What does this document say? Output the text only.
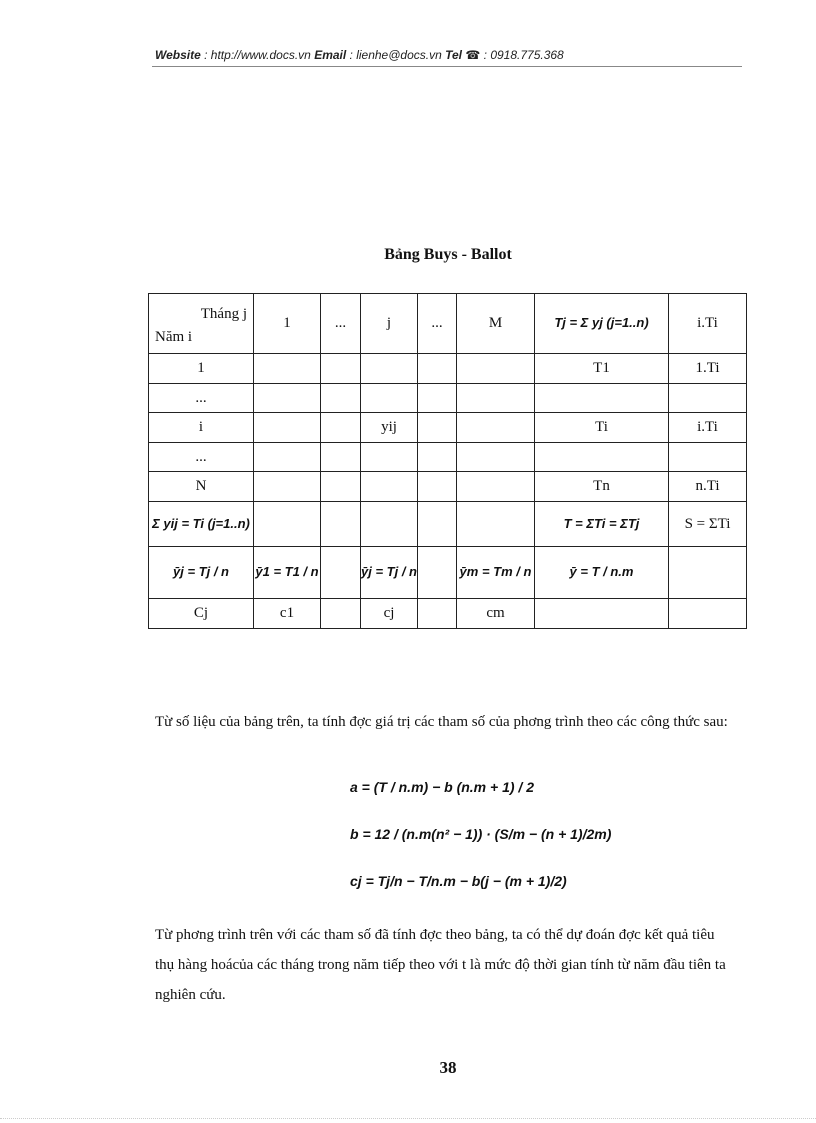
Website : http://www.docs.vn Email : lienhe@docs.vn Tel ☎ : 0918.775.368
Bảng Buys - Ballot
Tháng j
Năm i	1	...	j	...	M	Tj = Σ yj (j=1..n)	i.Ti
1						T1	1.Ti
...							
i			yij			Ti	i.Ti
...							
N						Tn	n.Ti
Σ yij = Ti (j=1..n)						T = ΣTi = ΣTj	S = ΣTi
ȳj = Tj / n	ȳ1 = T1 / n		ȳj = Tj / n		ȳm = Tm / n	ȳ = T / n.m	
Cj	c1		cj		cm		
Từ số liệu của bảng trên, ta tính đợc giá trị các tham số của phơng trình theo các công thức sau:
a = (T / n.m) − b (n.m + 1) / 2
b = 12 / (n.m(n² − 1)) · (S/m − (n + 1)/2m)
cj = Tj/n − T/n.m − b(j − (m + 1)/2)
Từ phơng trình trên với các tham số đã tính đợc theo bảng, ta có thể dự đoán đợc kết quả tiêu thụ hàng hoácủa các tháng trong năm tiếp theo với t là mức độ thời gian tính từ năm đầu tiên ta nghiên cứu.
38
